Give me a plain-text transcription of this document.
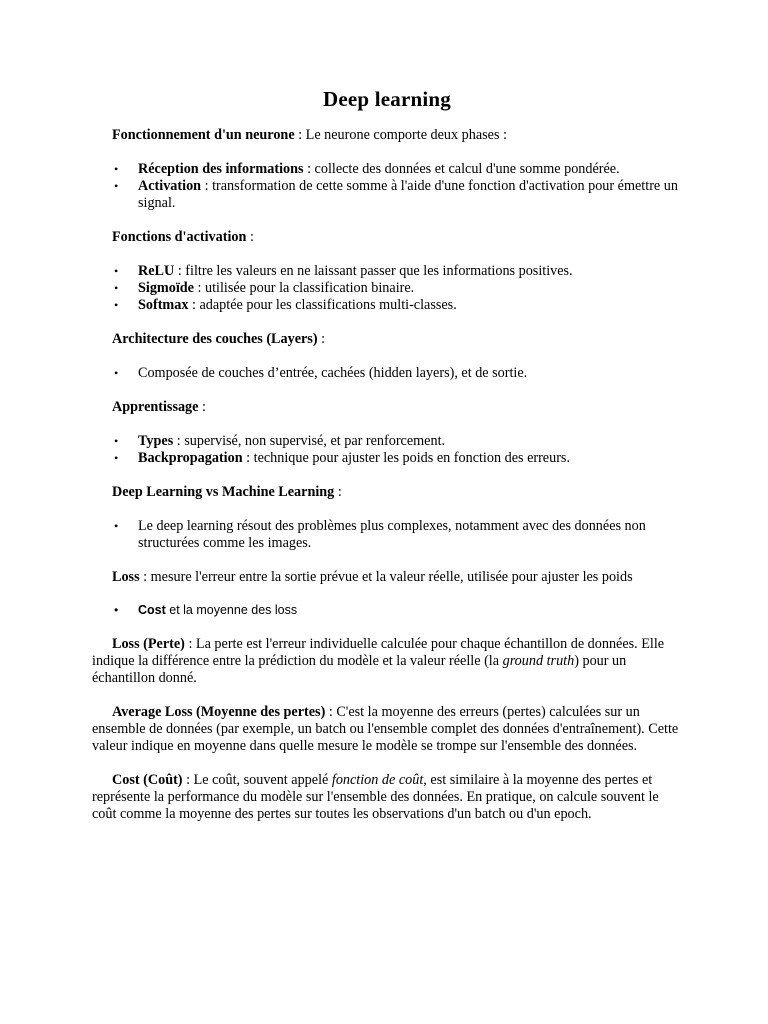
Deep learning

Fonctionnement d'un neurone : Le neurone comporte deux phases :

• Réception des informations : collecte des données et calcul d'une somme pondérée.
• Activation : transformation de cette somme à l'aide d'une fonction d'activation pour émettre un signal.

Fonctions d'activation :

• ReLU : filtre les valeurs en ne laissant passer que les informations positives.
• Sigmoïde : utilisée pour la classification binaire.
• Softmax : adaptée pour les classifications multi-classes.

Architecture des couches (Layers) :

• Composée de couches d’entrée, cachées (hidden layers), et de sortie.

Apprentissage :

• Types : supervisé, non supervisé, et par renforcement.
• Backpropagation : technique pour ajuster les poids en fonction des erreurs.

Deep Learning vs Machine Learning :

• Le deep learning résout des problèmes plus complexes, notamment avec des données non structurées comme les images.

Loss : mesure l'erreur entre la sortie prévue et la valeur réelle, utilisée pour ajuster les poids

• Cost et la moyenne des loss

Loss (Perte) : La perte est l'erreur individuelle calculée pour chaque échantillon de données. Elle indique la différence entre la prédiction du modèle et la valeur réelle (la ground truth) pour un échantillon donné.

Average Loss (Moyenne des pertes) : C'est la moyenne des erreurs (pertes) calculées sur un ensemble de données (par exemple, un batch ou l'ensemble complet des données d'entraînement). Cette valeur indique en moyenne dans quelle mesure le modèle se trompe sur l'ensemble des données.

Cost (Coût) : Le coût, souvent appelé fonction de coût, est similaire à la moyenne des pertes et représente la performance du modèle sur l'ensemble des données. En pratique, on calcule souvent le coût comme la moyenne des pertes sur toutes les observations d'un batch ou d'un epoch.
